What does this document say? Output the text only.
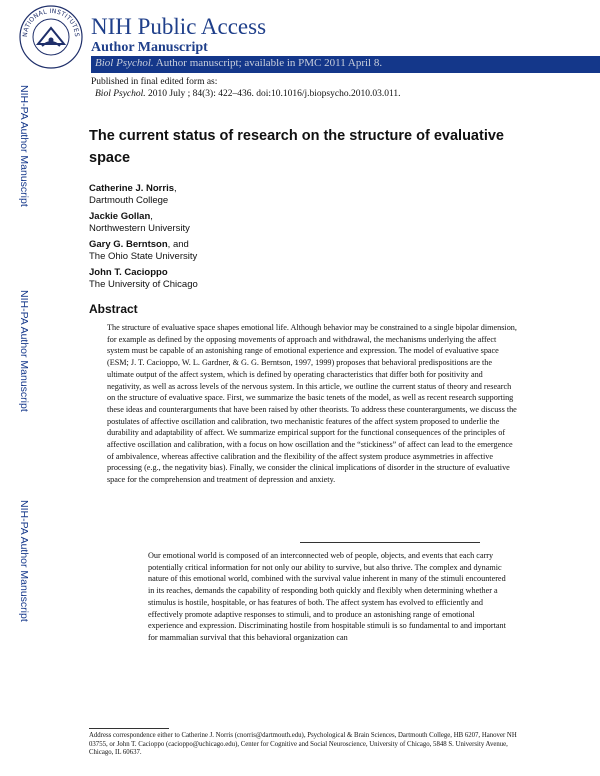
NATIONAL INSTITUTES NIH Public Access
Author Manuscript
Biol Psychol. Author manuscript; available in PMC 2011 April 8.
Published in final edited form as:
Biol Psychol. 2010 July ; 84(3): 422–436. doi:10.1016/j.biopsycho.2010.03.011.
NIH-PA Author Manuscript
NIH-PA Author Manuscript
NIH-PA Author Manuscript
The current status of research on the structure of evaluative space
Catherine J. Norris,
Dartmouth College
Jackie Gollan,
Northwestern University
Gary G. Berntson, and
The Ohio State University
John T. Cacioppo
The University of Chicago
Abstract
The structure of evaluative space shapes emotional life. Although behavior may be constrained to a single bipolar dimension, for example as defined by the opposing movements of approach and withdrawal, the mechanisms underlying the affect system must be capable of an astonishing range of emotional experience and expression. The model of evaluative space (ESM; J. T. Cacioppo, W. L. Gardner, & G. G. Berntson, 1997, 1999) proposes that behavioral predispositions are the ultimate output of the affect system, which is defined by operating characteristics that differ both for positivity and negativity, as well as across levels of the nervous system. In this article, we outline the current status of theory and research on the structure of evaluative space. First, we summarize the basic tenets of the model, as well as recent research supporting these ideas and counterarguments that have been raised by other theorists. To address these counterarguments, we discuss the postulates of affective oscillation and calibration, two mechanistic features of the affect system proposed to underlie the durability and adaptability of affect. We summarize empirical support for the functional consequences of the principles of affective oscillation and calibration, with a focus on how oscillation and the “stickiness” of affect can lead to the emergence of ambivalence, whereas affective calibration and the flexibility of the affect system produce asymmetries in affective processing (e.g., the negativity bias). Finally, we consider the clinical implications of disorder in the structure of evaluative space for the comprehension and treatment of depression and anxiety.
Our emotional world is composed of an interconnected web of people, objects, and events that each carry potentially critical information for not only our ability to survive, but also thrive. The complex and dynamic nature of this emotional world, combined with the survival value inherent in many of the stimuli encountered in its reaches, demands the capability of responding both quickly and flexibly when determining whether a stimulus is hostile, hospitable, or has features of both. The affect system has evolved to efficiently and effectively promote adaptive responses to stimuli, and to produce an astonishing range of emotional experience and expression. Discriminating hostile from hospitable stimuli is so fundamental to and important for mammalian survival that this behavioral organization can
Address correspondence either to Catherine J. Norris (cnorris@dartmouth.edu), Psychological & Brain Sciences, Dartmouth College, HB 6207, Hanover NH 03755, or John T. Cacioppo (cacioppo@uchicago.edu), Center for Cognitive and Social Neuroscience, University of Chicago, 5848 S. University Avenue, Chicago, IL 60637.
